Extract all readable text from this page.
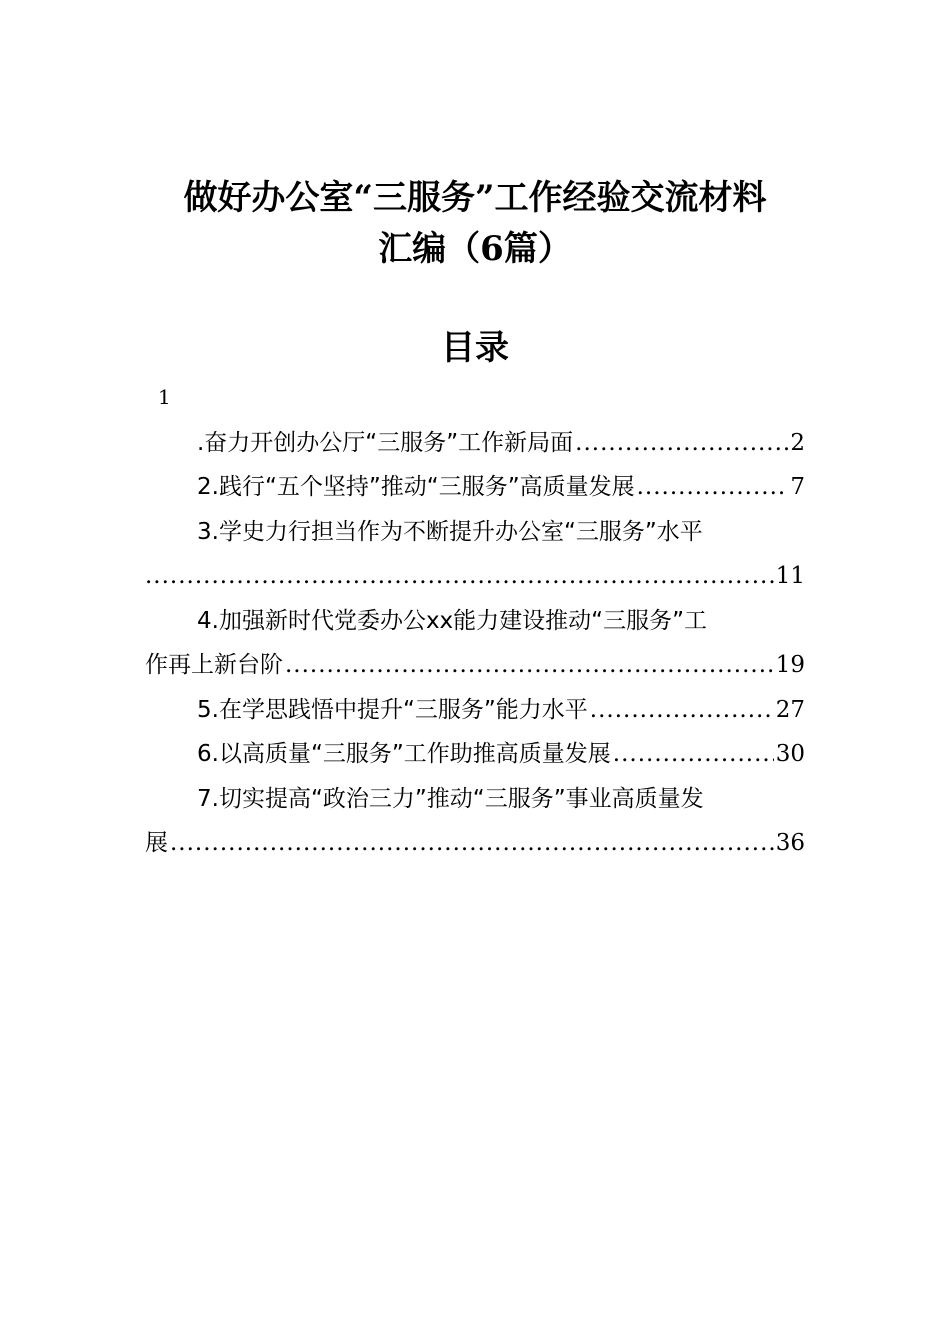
做好办公室“三服务”工作经验交流材料
汇编（6篇）
目录
1
.奋力开创办公厅“三服务”工作新局面 .....	2
2.践行“五个坚持”推动“三服务”高质量发展 .....	7
3.学史力行担当作为不断提升办公室“三服务”水平
.....
11
4.加强新时代党委办公xx能力建设推动“三服务”工
作再上新台阶 .....	19
5.在学思践悟中提升“三服务”能力水平 .....	27
6.以高质量“三服务”工作助推高质量发展 .....	30
7.切实提高“政治三力”推动“三服务”事业高质量发
展 .....	36
